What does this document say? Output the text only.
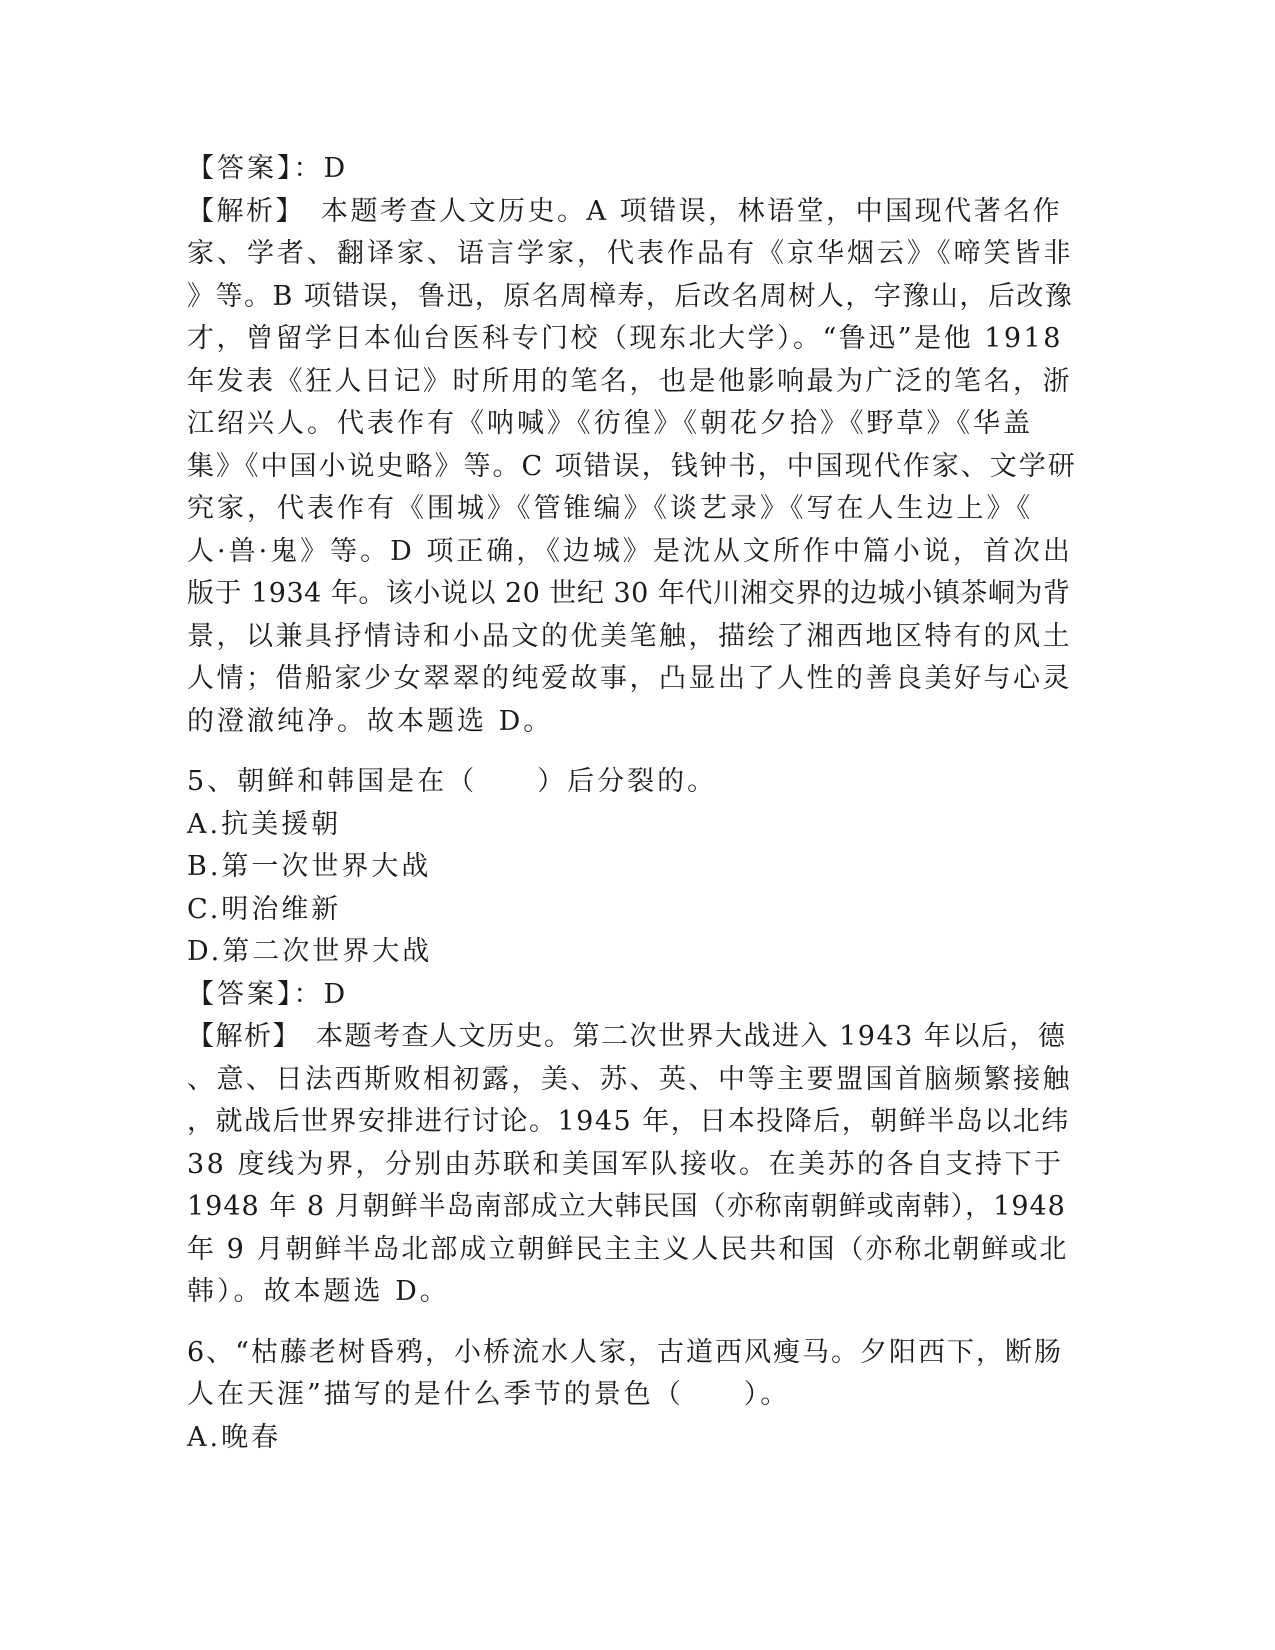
【答案】：D
【解析】　本题考查人文历史。A 项错误，林语堂，中国现代著名作
家、学者、翻译家、语言学家，代表作品有《京华烟云》《啼笑皆非
》等。B 项错误，鲁迅，原名周樟寿，后改名周树人，字豫山，后改豫
才，曾留学日本仙台医科专门校（现东北大学）。“鲁迅”是他 1918
年发表《狂人日记》时所用的笔名，也是他影响最为广泛的笔名，浙
江绍兴人。代表作有《呐喊》《彷徨》《朝花夕拾》《野草》《华盖
集》《中国小说史略》等。C 项错误，钱钟书，中国现代作家、文学研
究家，代表作有《围城》《管锥编》《谈艺录》《写在人生边上》《
人·兽·鬼》等。D 项正确，《边城》是沈从文所作中篇小说，首次出
版于 1934 年。该小说以 20 世纪 30 年代川湘交界的边城小镇茶峒为背
景，以兼具抒情诗和小品文的优美笔触，描绘了湘西地区特有的风土
人情；借船家少女翠翠的纯爱故事，凸显出了人性的善良美好与心灵
的澄澈纯净。故本题选 D。
5、朝鲜和韩国是在（　　）后分裂的。
A.抗美援朝
B.第一次世界大战
C.明治维新
D.第二次世界大战
【答案】：D
【解析】　本题考查人文历史。第二次世界大战进入 1943 年以后，德
、意、日法西斯败相初露，美、苏、英、中等主要盟国首脑频繁接触
，就战后世界安排进行讨论。1945 年，日本投降后，朝鲜半岛以北纬
38 度线为界，分别由苏联和美国军队接收。在美苏的各自支持下于
1948 年 8 月朝鲜半岛南部成立大韩民国（亦称南朝鲜或南韩），1948
年 9 月朝鲜半岛北部成立朝鲜民主主义人民共和国（亦称北朝鲜或北
韩）。故本题选 D。
6、“枯藤老树昏鸦，小桥流水人家，古道西风瘦马。夕阳西下，断肠
人在天涯”描写的是什么季节的景色（　　）。
A.晚春
